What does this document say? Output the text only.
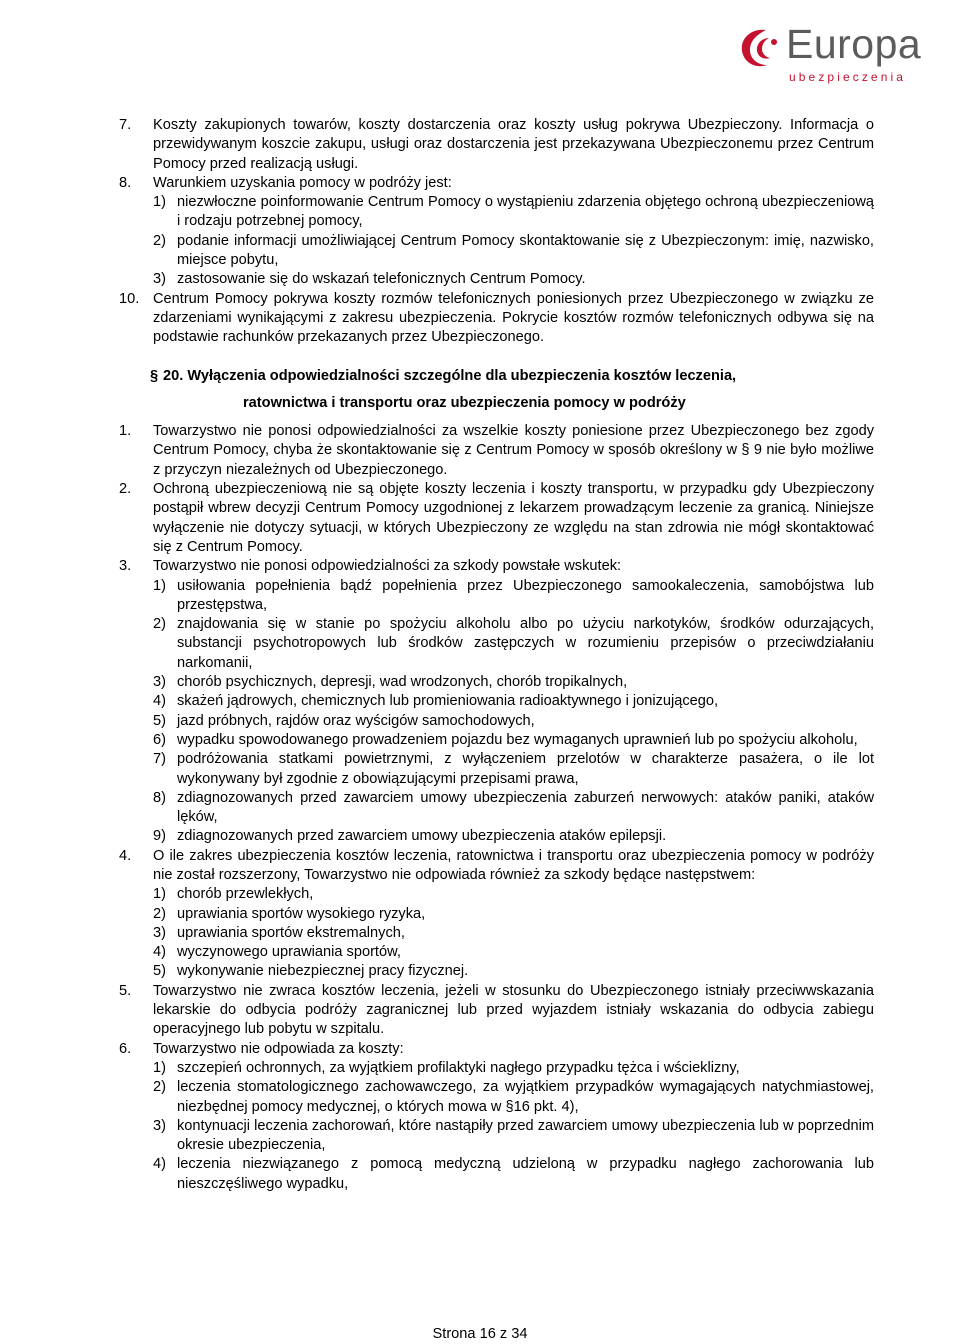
Europa
ubezpieczenia
7. Koszty zakupionych towarów, koszty dostarczenia oraz koszty usług pokrywa Ubezpieczony. Informacja o przewidywanym koszcie zakupu, usługi oraz dostarczenia jest przekazywana Ubezpieczonemu przez Centrum Pomocy przed realizacją usługi.
8. Warunkiem uzyskania pomocy w podróży jest:
1) niezwłoczne poinformowanie Centrum Pomocy o wystąpieniu zdarzenia objętego ochroną ubezpieczeniową i rodzaju potrzebnej pomocy,
2) podanie informacji umożliwiającej Centrum Pomocy skontaktowanie się z Ubezpieczonym: imię, nazwisko, miejsce pobytu,
3) zastosowanie się do wskazań telefonicznych Centrum Pomocy.
10. Centrum Pomocy pokrywa koszty rozmów telefonicznych poniesionych przez Ubezpieczonego w związku ze zdarzeniami wynikającymi z zakresu ubezpieczenia. Pokrycie kosztów rozmów telefonicznych odbywa się na podstawie rachunków przekazanych przez Ubezpieczonego.
§ 20. Wyłączenia odpowiedzialności szczególne dla ubezpieczenia kosztów leczenia,
ratownictwa i transportu oraz ubezpieczenia pomocy w podróży
1. Towarzystwo nie ponosi odpowiedzialności za wszelkie koszty poniesione przez Ubezpieczonego bez zgody Centrum Pomocy, chyba że skontaktowanie się z Centrum Pomocy w sposób określony w § 9 nie było możliwe z przyczyn niezależnych od Ubezpieczonego.
2. Ochroną ubezpieczeniową nie są objęte koszty leczenia i koszty transportu, w przypadku gdy Ubezpieczony postąpił wbrew decyzji Centrum Pomocy uzgodnionej z lekarzem prowadzącym leczenie za granicą. Niniejsze wyłączenie nie dotyczy sytuacji, w których Ubezpieczony ze względu na stan zdrowia nie mógł skontaktować się z Centrum Pomocy.
3. Towarzystwo nie ponosi odpowiedzialności za szkody powstałe wskutek:
1) usiłowania popełnienia bądź popełnienia przez Ubezpieczonego samookaleczenia, samobójstwa lub przestępstwa,
2) znajdowania się w stanie po spożyciu alkoholu albo po użyciu narkotyków, środków odurzających, substancji psychotropowych lub środków zastępczych w rozumieniu przepisów o przeciwdziałaniu narkomanii,
3) chorób psychicznych, depresji, wad wrodzonych, chorób tropikalnych,
4) skażeń jądrowych, chemicznych lub promieniowania radioaktywnego i jonizującego,
5) jazd próbnych, rajdów oraz wyścigów samochodowych,
6) wypadku spowodowanego prowadzeniem pojazdu bez wymaganych uprawnień lub po spożyciu alkoholu,
7) podróżowania statkami powietrznymi, z wyłączeniem przelotów w charakterze pasażera, o ile lot wykonywany był zgodnie z obowiązującymi przepisami prawa,
8) zdiagnozowanych przed zawarciem umowy ubezpieczenia zaburzeń nerwowych: ataków paniki, ataków lęków,
9) zdiagnozowanych przed zawarciem umowy ubezpieczenia ataków epilepsji.
4. O ile zakres ubezpieczenia kosztów leczenia, ratownictwa i transportu oraz ubezpieczenia pomocy w podróży nie został rozszerzony, Towarzystwo nie odpowiada również za szkody będące następstwem:
1) chorób przewlekłych,
2) uprawiania sportów wysokiego ryzyka,
3) uprawiania sportów ekstremalnych,
4) wyczynowego uprawiania sportów,
5) wykonywanie niebezpiecznej pracy fizycznej.
5. Towarzystwo nie zwraca kosztów leczenia, jeżeli w stosunku do Ubezpieczonego istniały przeciwwskazania lekarskie do odbycia podróży zagranicznej lub przed wyjazdem istniały wskazania do odbycia zabiegu operacyjnego lub pobytu w szpitalu.
6. Towarzystwo nie odpowiada za koszty:
1) szczepień ochronnych, za wyjątkiem profilaktyki nagłego przypadku tężca i wścieklizny,
2) leczenia stomatologicznego zachowawczego, za wyjątkiem przypadków wymagających natychmiastowej, niezbędnej pomocy medycznej, o których mowa w §16 pkt. 4),
3) kontynuacji leczenia zachorowań, które nastąpiły przed zawarciem umowy ubezpieczenia lub w poprzednim okresie ubezpieczenia,
4) leczenia niezwiązanego z pomocą medyczną udzieloną w przypadku nagłego zachorowania lub nieszczęśliwego wypadku,
Strona 16 z 34
